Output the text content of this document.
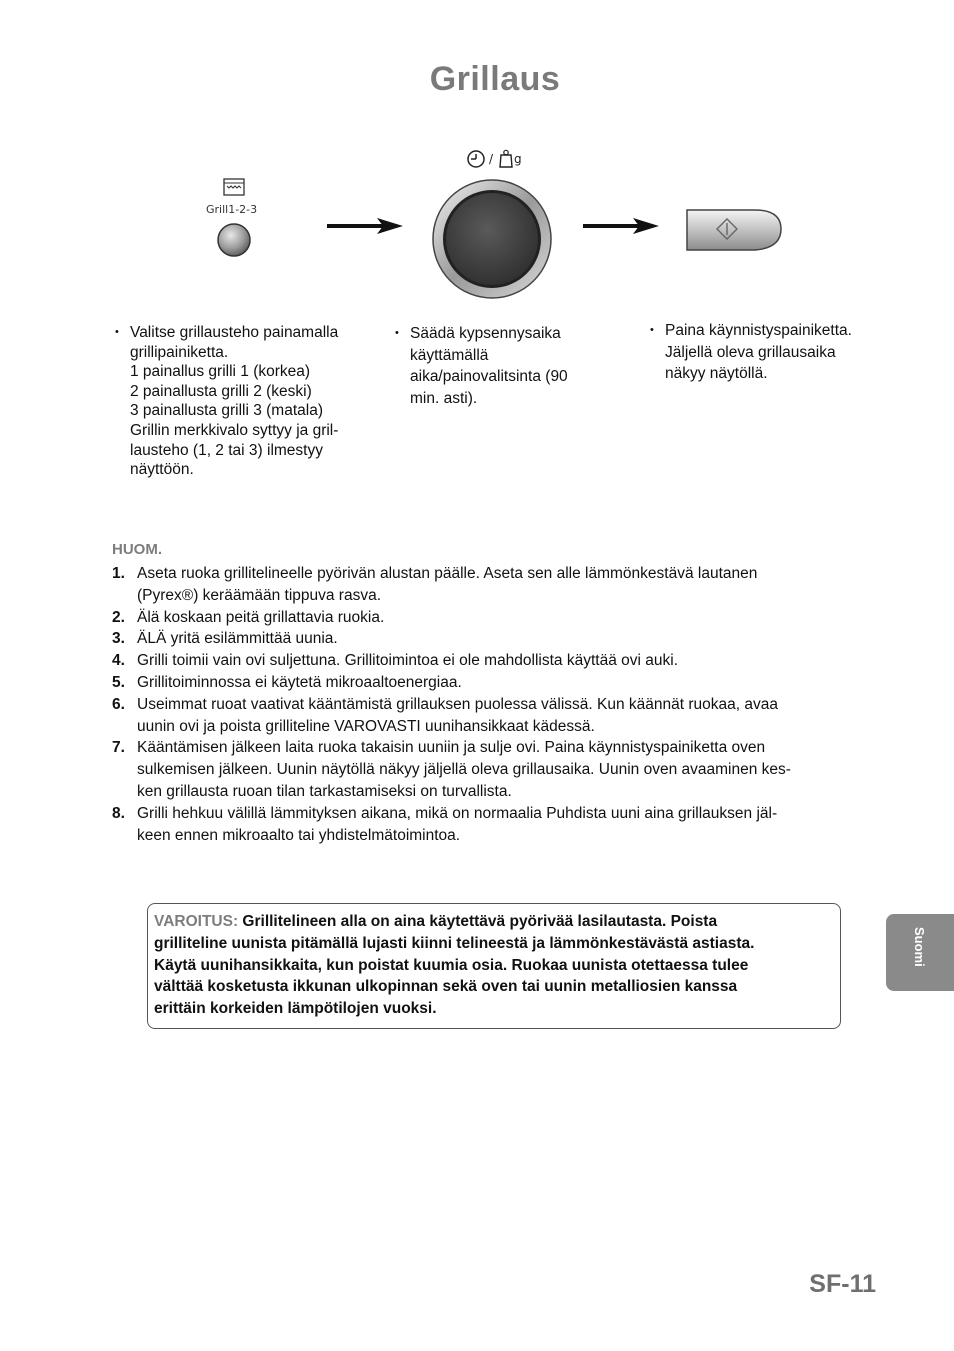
Grillaus
Grill1-2-3
/ g
• Valitse grillausteho painamalla
grillipainiketta.
1 painallus grilli 1 (korkea)
2 painallusta grilli 2 (keski)
3 painallusta grilli 3 (matala)
Grillin merkkivalo syttyy ja gril-
lausteho (1, 2 tai 3) ilmestyy
näyttöön.
• Säädä kypsennysaika
käyttämällä
aika/painovalitsinta (90
min. asti).
• Paina käynnistyspainiketta.
Jäljellä oleva grillausaika
näkyy näytöllä.
HUOM.
1. Aseta ruoka grillitelineelle pyörivän alustan päälle. Aseta sen alle lämmönkestävä lautanen
(Pyrex®) keräämään tippuva rasva.
2. Älä koskaan peitä grillattavia ruokia.
3. ÄLÄ yritä esilämmittää uunia.
4. Grilli toimii vain ovi suljettuna. Grillitoimintoa ei ole mahdollista käyttää ovi auki.
5. Grillitoiminnossa ei käytetä mikroaaltoenergiaa.
6. Useimmat ruoat vaativat kääntämistä grillauksen puolessa välissä. Kun käännät ruokaa, avaa
uunin ovi ja poista grilliteline VAROVASTI uunihansikkaat kädessä.
7. Kääntämisen jälkeen laita ruoka takaisin uuniin ja sulje ovi. Paina käynnistyspainiketta oven
sulkemisen jälkeen. Uunin näytöllä näkyy jäljellä oleva grillausaika. Uunin oven avaaminen kes-
ken grillausta ruoan tilan tarkastamiseksi on turvallista.
8. Grilli hehkuu välillä lämmityksen aikana, mikä on normaalia Puhdista uuni aina grillauksen jäl-
keen ennen mikroaalto tai yhdistelmätoimintoa.
VAROITUS: Grillitelineen alla on aina käytettävä pyörivää lasilautasta. Poista
grilliteline uunista pitämällä lujasti kiinni telineestä ja lämmönkestävästä astiasta.
Käytä uunihansikkaita, kun poistat kuumia osia. Ruokaa uunista otettaessa tulee
välttää kosketusta ikkunan ulkopinnan sekä oven tai uunin metalliosien kanssa
erittäin korkeiden lämpötilojen vuoksi.
Suomi
SF-11
